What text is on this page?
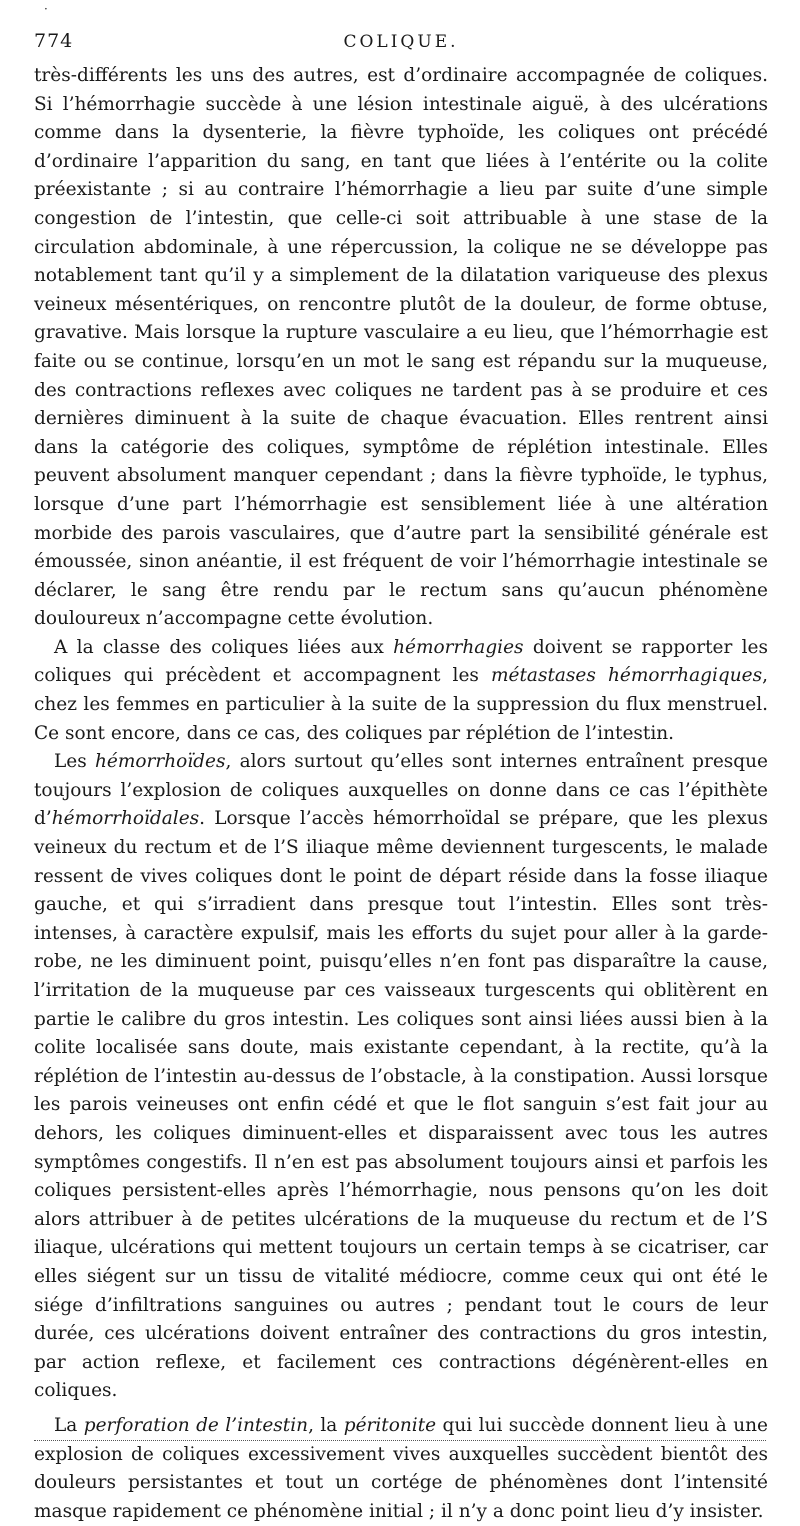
·
774	COLIQUE.

très-différents les uns des autres, est d’ordinaire accompagnée de coliques. Si l’hémorrhagie succède à une lésion intestinale aiguë, à des ulcérations comme dans la dysenterie, la fièvre typhoïde, les coliques ont précédé d’ordinaire l’apparition du sang, en tant que liées à l’entérite ou la colite préexistante ; si au contraire l’hémorrhagie a lieu par suite d’une simple congestion de l’intestin, que celle-ci soit attribuable à une stase de la circulation abdominale, à une répercussion, la colique ne se développe pas notablement tant qu’il y a simplement de la dilatation variqueuse des plexus veineux mésentériques, on rencontre plutôt de la douleur, de forme obtuse, gravative. Mais lorsque la rupture vasculaire a eu lieu, que l’hémorrhagie est faite ou se continue, lorsqu’en un mot le sang est répandu sur la muqueuse, des contractions reflexes avec coliques ne tardent pas à se produire et ces dernières diminuent à la suite de chaque évacuation. Elles rentrent ainsi dans la catégorie des coliques, symptôme de réplétion intestinale. Elles peuvent absolument manquer cependant ; dans la fièvre typhoïde, le typhus, lorsque d’une part l’hémorrhagie est sensiblement liée à une altération morbide des parois vasculaires, que d’autre part la sensibilité générale est émoussée, sinon anéantie, il est fréquent de voir l’hémorrhagie intestinale se déclarer, le sang être rendu par le rectum sans qu’aucun phénomène douloureux n’accompagne cette évolution.

A la classe des coliques liées aux hémorrhagies doivent se rapporter les coliques qui précèdent et accompagnent les métastases hémorrhagiques, chez les femmes en particulier à la suite de la suppression du flux menstruel. Ce sont encore, dans ce cas, des coliques par réplétion de l’intestin.

Les hémorrhoïdes, alors surtout qu’elles sont internes entraînent presque toujours l’explosion de coliques auxquelles on donne dans ce cas l’épithète d’hémorrhoïdales. Lorsque l’accès hémorrhoïdal se prépare, que les plexus veineux du rectum et de l’S iliaque même deviennent turgescents, le malade ressent de vives coliques dont le point de départ réside dans la fosse iliaque gauche, et qui s’irradient dans presque tout l’intestin. Elles sont très-intenses, à caractère expulsif, mais les efforts du sujet pour aller à la garde-robe, ne les diminuent point, puisqu’elles n’en font pas disparaître la cause, l’irritation de la muqueuse par ces vaisseaux turgescents qui oblitèrent en partie le calibre du gros intestin. Les coliques sont ainsi liées aussi bien à la colite localisée sans doute, mais existante cependant, à la rectite, qu’à la réplétion de l’intestin au-dessus de l’obstacle, à la constipation. Aussi lorsque les parois veineuses ont enfin cédé et que le flot sanguin s’est fait jour au dehors, les coliques diminuent-elles et disparaissent avec tous les autres symptômes congestifs. Il n’en est pas absolument toujours ainsi et parfois les coliques persistent-elles après l’hémorrhagie, nous pensons qu’on les doit alors attribuer à de petites ulcérations de la muqueuse du rectum et de l’S iliaque, ulcérations qui mettent toujours un certain temps à se cicatriser, car elles siégent sur un tissu de vitalité médiocre, comme ceux qui ont été le siége d’infiltrations sanguines ou autres ; pendant tout le cours de leur durée, ces ulcérations doivent entraîner des contractions du gros intestin, par action reflexe, et facilement ces contractions dégénèrent-elles en coliques.

La perforation de l’intestin, la péritonite qui lui succède donnent lieu à une explosion de coliques excessivement vives auxquelles succèdent bientôt des douleurs persistantes et tout un cortége de phénomènes dont l’intensité masque rapidement ce phénomène initial ; il n’y a donc point lieu d’y insister.
